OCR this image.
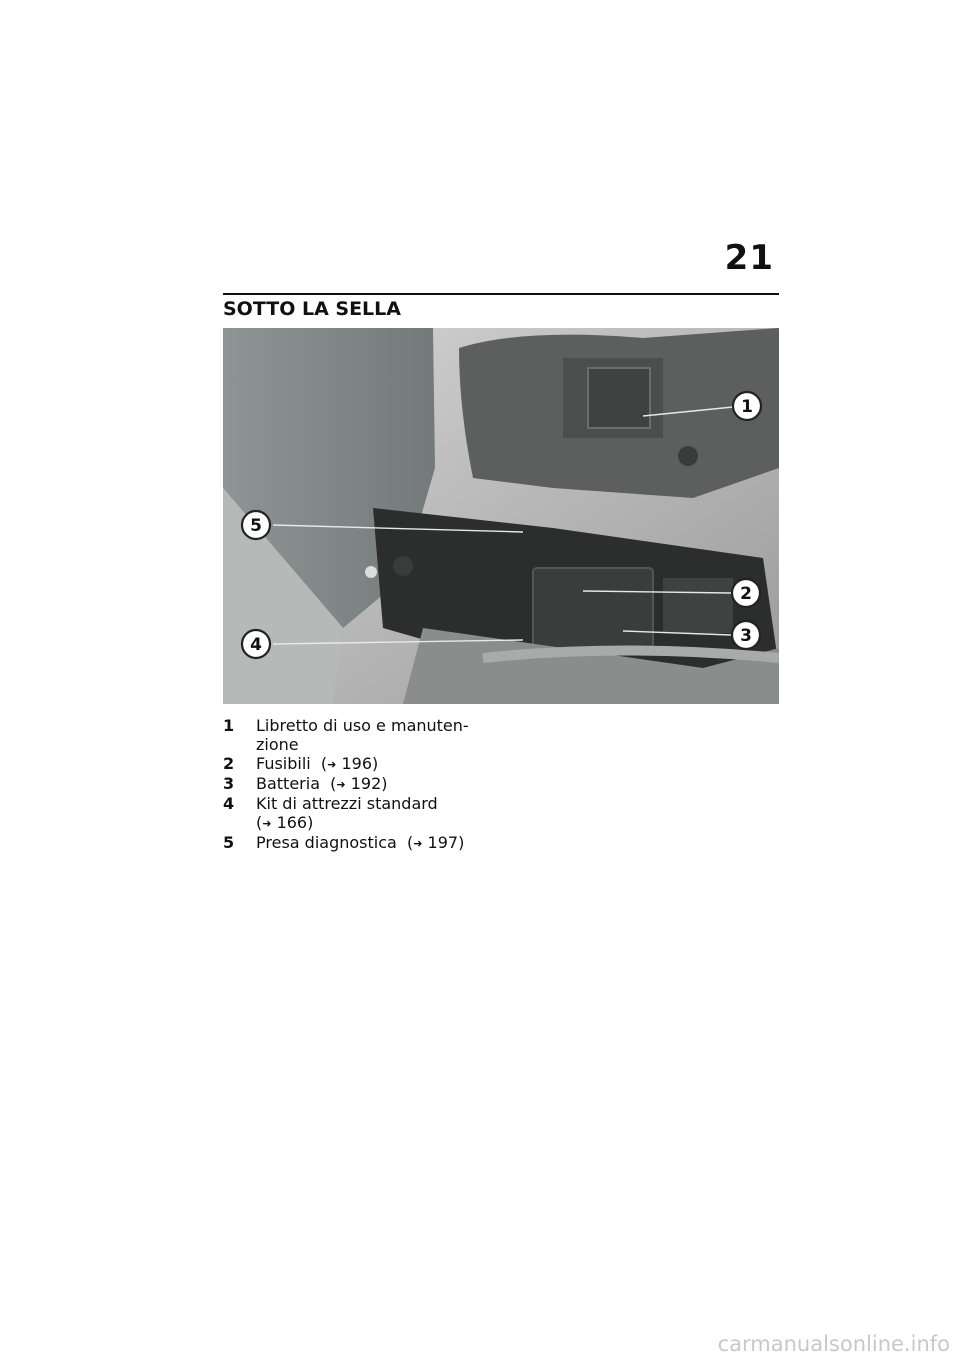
21
SOTTO LA SELLA
1
5
2
3
4
1	Libretto di uso e manuten-
zione
2	Fusibili (➜ 196)
3	Batteria (➜ 192)
4	Kit di attrezzi standard
(➜ 166)
5	Presa diagnostica (➜ 197)
carmanualsonline.info
